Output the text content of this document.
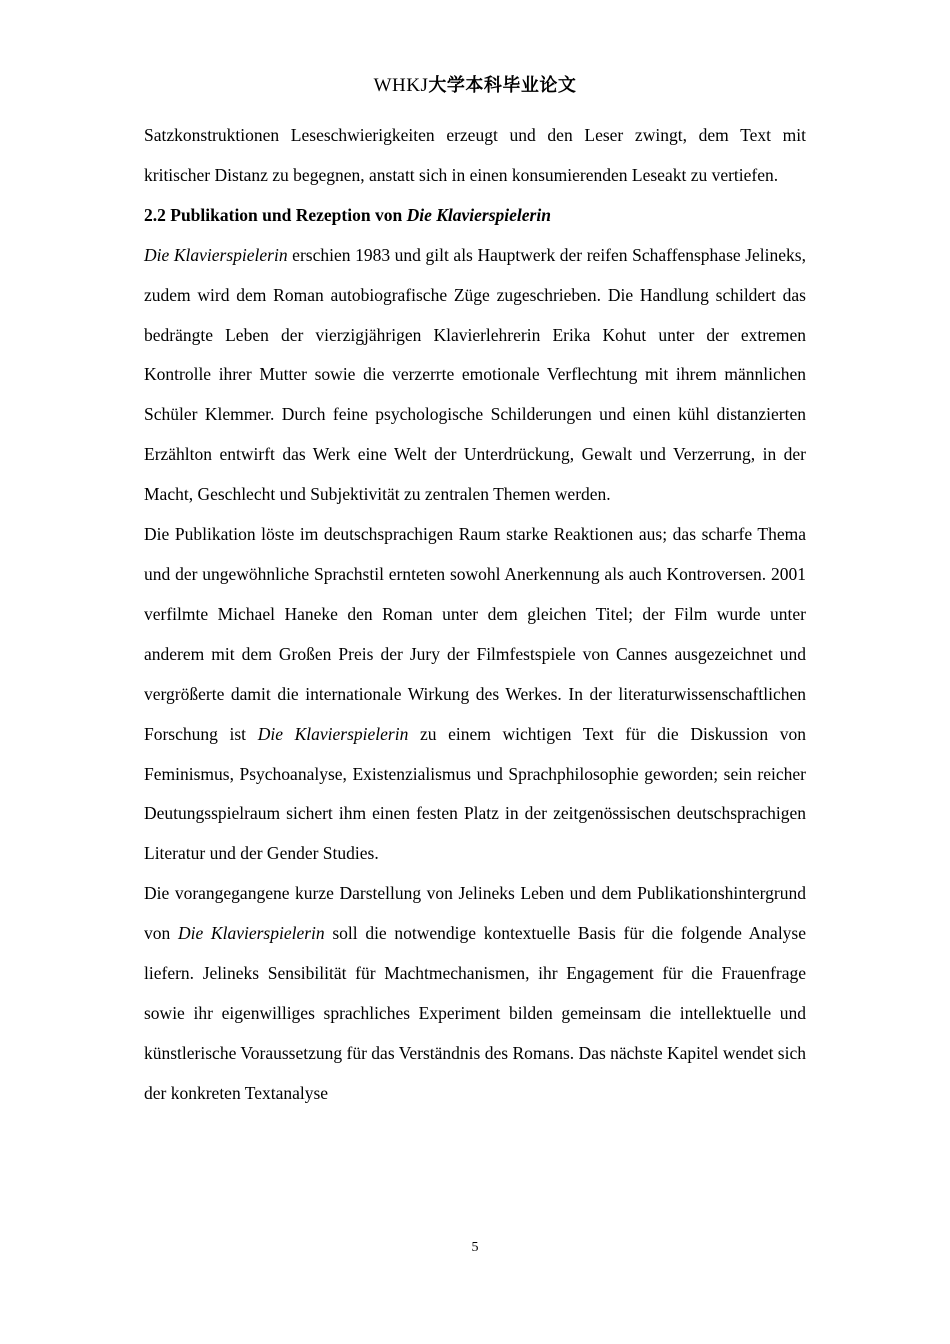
WHKJ大学本科毕业论文

Satzkonstruktionen Leseschwierigkeiten erzeugt und den Leser zwingt, dem Text mit kritischer Distanz zu begegnen, anstatt sich in einen konsumierenden Leseakt zu vertiefen.

2.2 Publikation und Rezeption von Die Klavierspielerin

Die Klavierspielerin erschien 1983 und gilt als Hauptwerk der reifen Schaffensphase Jelineks, zudem wird dem Roman autobiografische Züge zugeschrieben. Die Handlung schildert das bedrängte Leben der vierzigjährigen Klavierlehrerin Erika Kohut unter der extremen Kontrolle ihrer Mutter sowie die verzerrte emotionale Verflechtung mit ihrem männlichen Schüler Klemmer. Durch feine psychologische Schilderungen und einen kühl distanzierten Erzählton entwirft das Werk eine Welt der Unterdrückung, Gewalt und Verzerrung, in der Macht, Geschlecht und Subjektivität zu zentralen Themen werden.

Die Publikation löste im deutschsprachigen Raum starke Reaktionen aus; das scharfe Thema und der ungewöhnliche Sprachstil ernteten sowohl Anerkennung als auch Kontroversen. 2001 verfilmte Michael Haneke den Roman unter dem gleichen Titel; der Film wurde unter anderem mit dem Großen Preis der Jury der Filmfestspiele von Cannes ausgezeichnet und vergrößerte damit die internationale Wirkung des Werkes. In der literaturwissenschaftlichen Forschung ist Die Klavierspielerin zu einem wichtigen Text für die Diskussion von Feminismus, Psychoanalyse, Existenzialismus und Sprachphilosophie geworden; sein reicher Deutungsspielraum sichert ihm einen festen Platz in der zeitgenössischen deutschsprachigen Literatur und der Gender Studies.

Die vorangegangene kurze Darstellung von Jelineks Leben und dem Publikationshintergrund von Die Klavierspielerin soll die notwendige kontextuelle Basis für die folgende Analyse liefern. Jelineks Sensibilität für Machtmechanismen, ihr Engagement für die Frauenfrage sowie ihr eigenwilliges sprachliches Experiment bilden gemeinsam die intellektuelle und künstlerische Voraussetzung für das Verständnis des Romans. Das nächste Kapitel wendet sich der konkreten Textanalyse

5
